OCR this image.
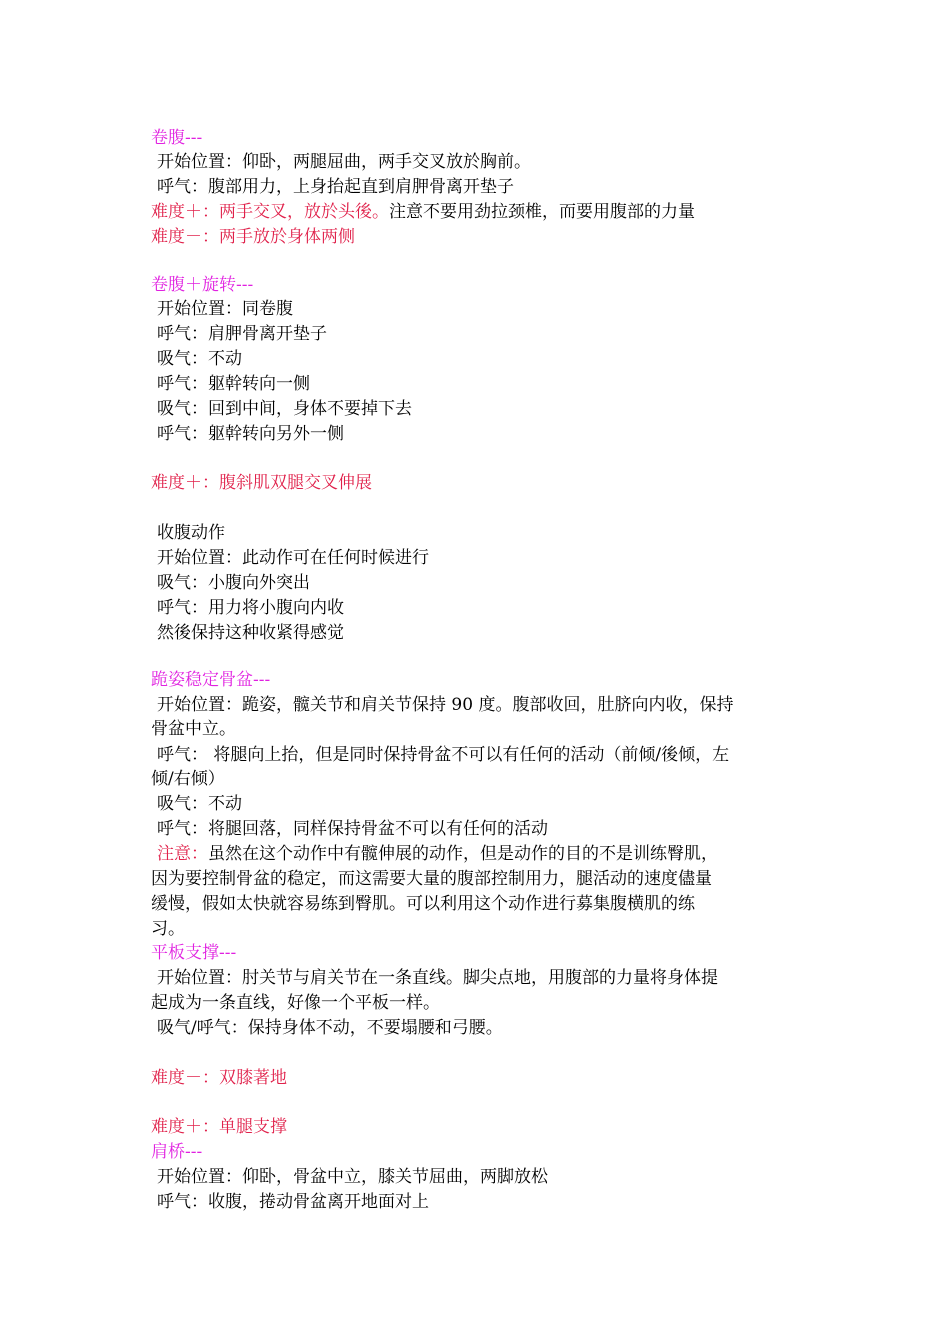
卷腹---
开始位置：仰卧，两腿屈曲，两手交叉放於胸前。
呼气：腹部用力，上身抬起直到肩胛骨离开垫子
难度＋：两手交叉，放於头後。注意不要用劲拉颈椎，而要用腹部的力量
难度－：两手放於身体两侧
卷腹＋旋转---
开始位置：同卷腹
呼气：肩胛骨离开垫子
吸气：不动
呼气：躯幹转向一侧
吸气：回到中间，身体不要掉下去
呼气：躯幹转向另外一侧
难度＋：腹斜肌双腿交叉伸展
收腹动作
开始位置：此动作可在任何时候进行
吸气：小腹向外突出
呼气：用力将小腹向内收
然後保持这种收紧得感觉
跪姿稳定骨盆---
开始位置：跪姿，髋关节和肩关节保持 90 度。腹部收回，肚脐向内收，保持
骨盆中立。
呼气： 将腿向上抬，但是同时保持骨盆不可以有任何的活动（前倾/後倾，左
倾/右倾）
吸气：不动
呼气：将腿回落，同样保持骨盆不可以有任何的活动
注意：虽然在这个动作中有髋伸展的动作，但是动作的目的不是训练臀肌，
因为要控制骨盆的稳定，而这需要大量的腹部控制用力，腿活动的速度儘量
缓慢，假如太快就容易练到臀肌。可以利用这个动作进行募集腹横肌的练
习。
平板支撑---
开始位置：肘关节与肩关节在一条直线。脚尖点地，用腹部的力量将身体提
起成为一条直线，好像一个平板一样。
吸气/呼气：保持身体不动，不要塌腰和弓腰。
难度－：双膝著地
难度＋：单腿支撑
肩桥---
开始位置：仰卧，骨盆中立，膝关节屈曲，两脚放松
呼气：收腹，捲动骨盆离开地面对上
